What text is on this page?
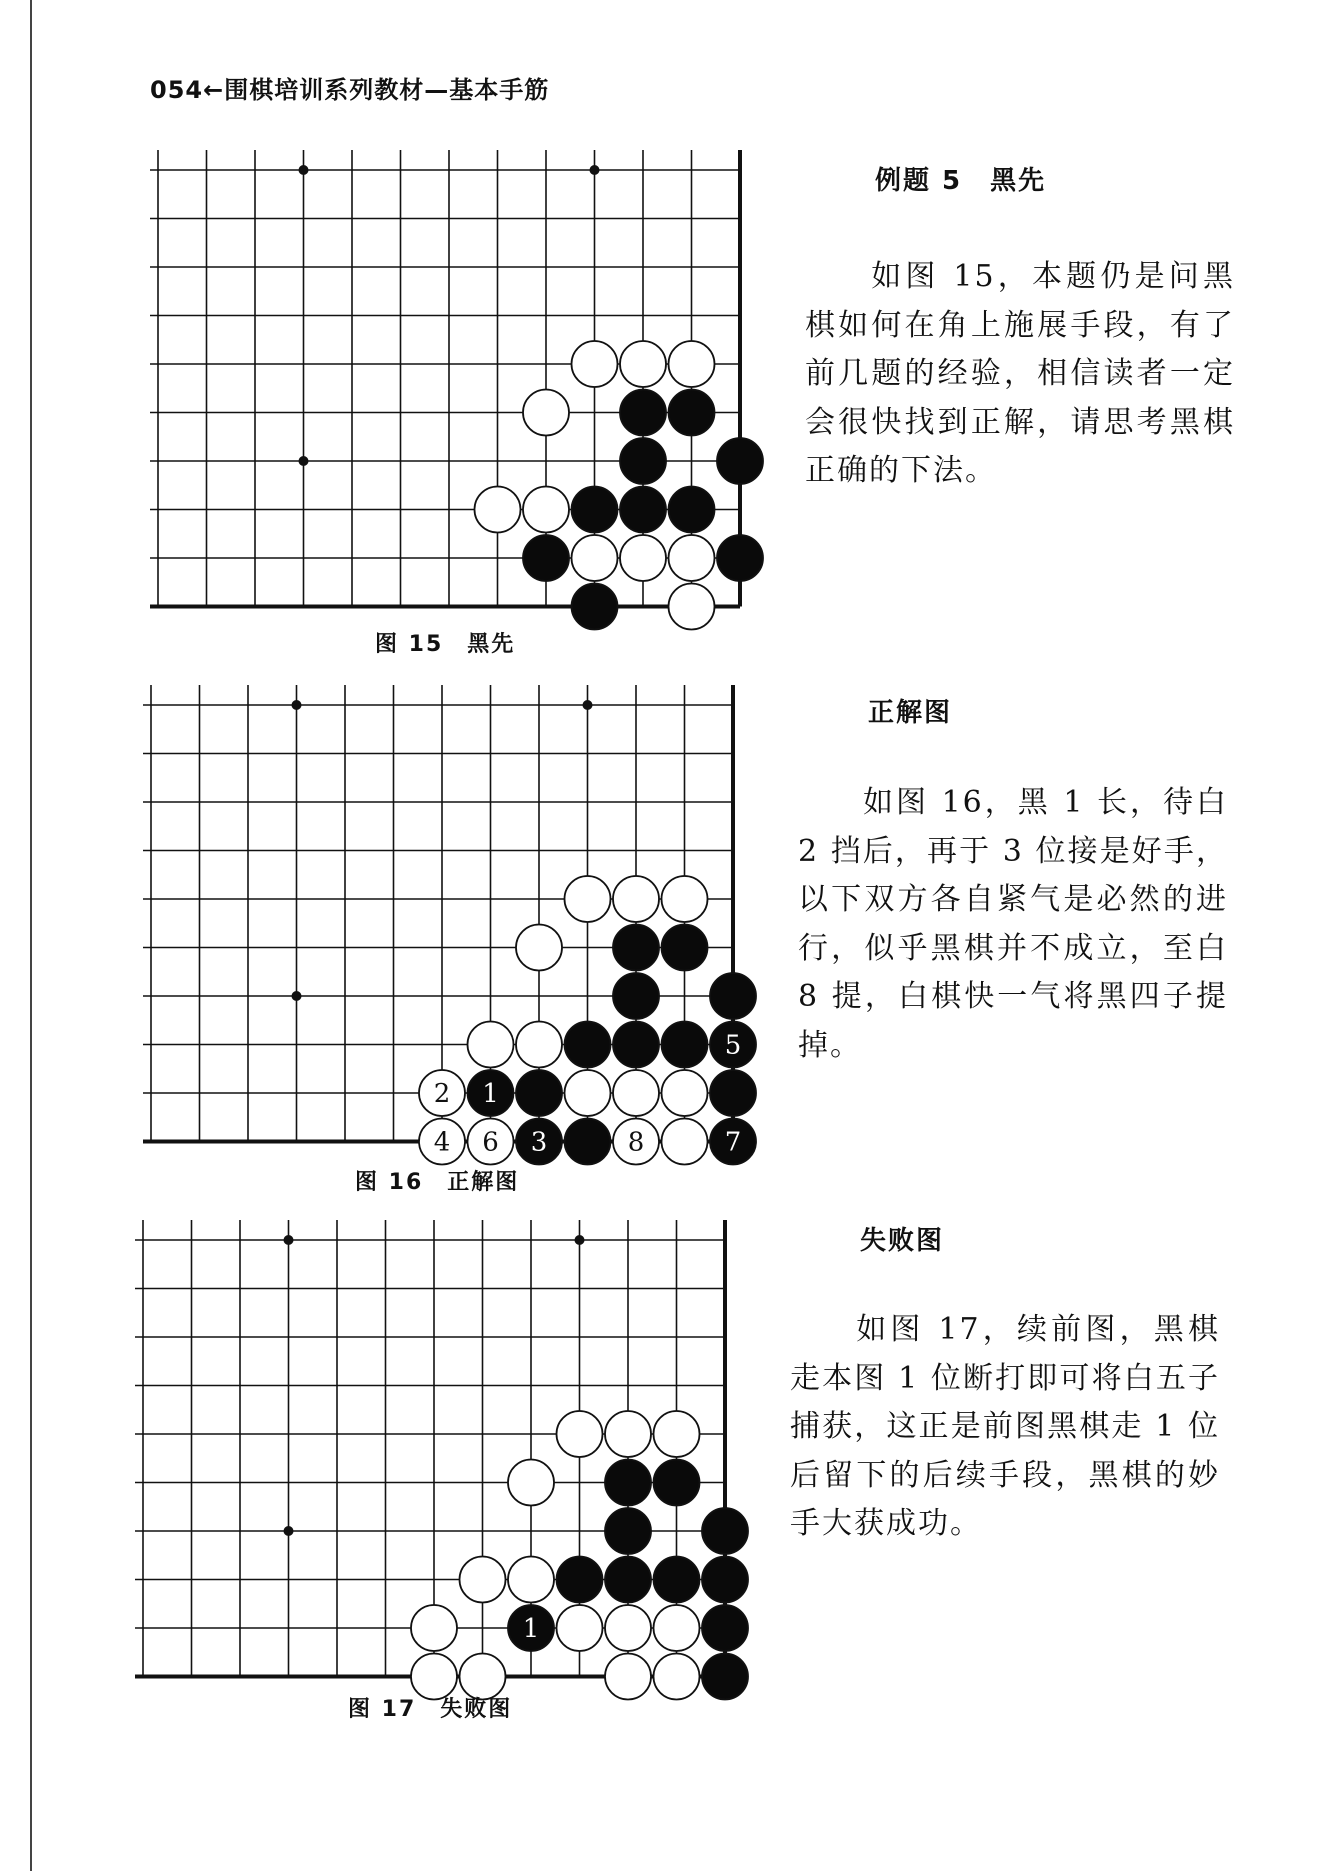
054←围棋培训系列教材—基本手筋
图 15　黑先
例题 5　黑先
如图 15，本题仍是问黑棋如何在角上施展手段，有了前几题的经验，相信读者一定会很快找到正解，请思考黑棋正确的下法。
5
2 1
4 6 3	8	7
图 16　正解图
正解图
如图 16，黑 1 长，待白 2 挡后，再于 3 位接是好手，以下双方各自紧气是必然的进行，似乎黑棋并不成立，至白 8 提，白棋快一气将黑四子提掉。
1
图 17　失败图
失败图
如图 17，续前图，黑棋走本图 1 位断打即可将白五子捕获，这正是前图黑棋走 1 位后留下的后续手段，黑棋的妙手大获成功。
